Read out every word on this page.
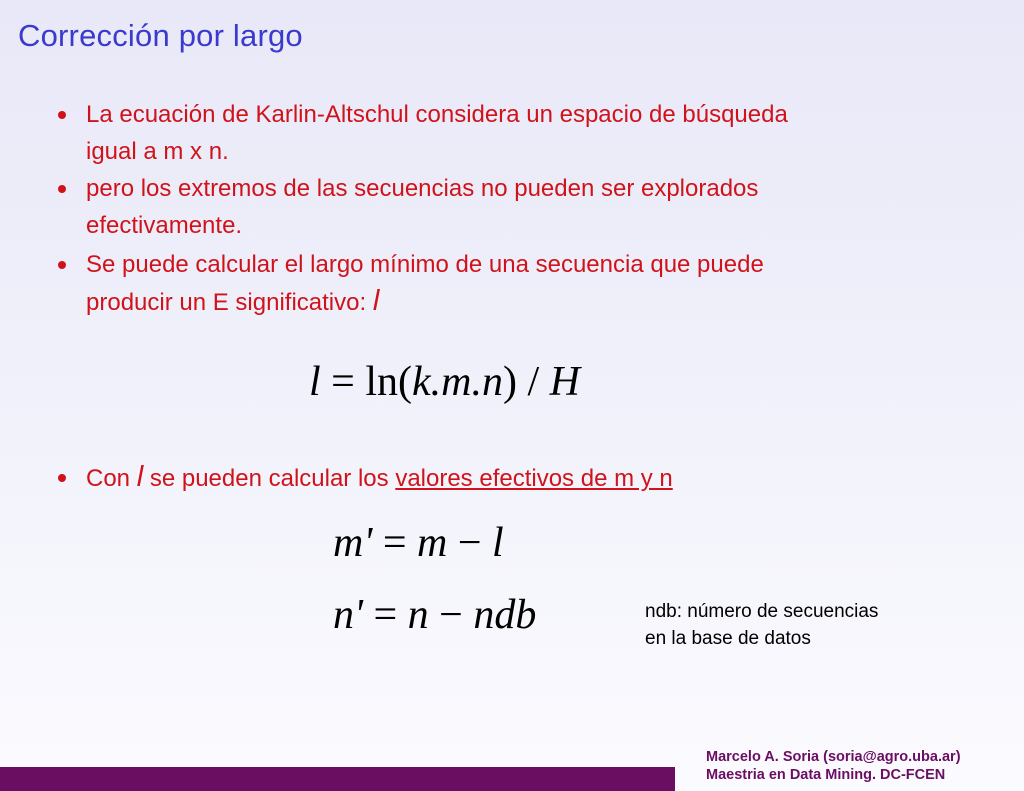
Corrección por largo
La ecuación de Karlin-Altschul considera un espacio de búsqueda
igual a m x n.
pero los extremos de las secuencias no pueden ser explorados
efectivamente.
Se puede calcular el largo mínimo de una secuencia que puede
producir un E significativo: l
l = ln(k.m.n) / H
Con l se pueden calcular los valores efectivos de m y n
m' = m − l
n' = n − ndb	ndb: número de secuencias
en la base de datos
Marcelo A. Soria (soria@agro.uba.ar)
Maestria en Data Mining. DC-FCEN
